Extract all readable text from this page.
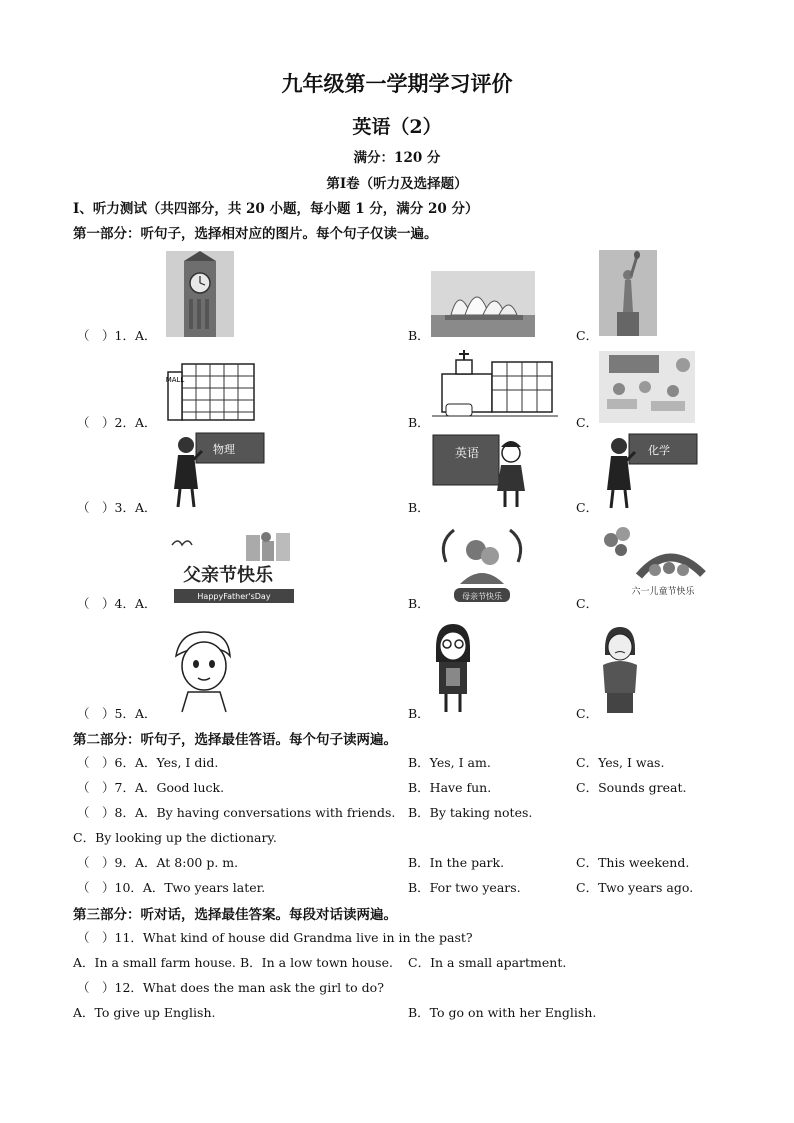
九年级第一学期学习评价
英语（2）
满分：120 分
第Ⅰ卷（听力及选择题）
Ⅰ、听力测试（共四部分，共 20 小题，每小题 1 分，满分 20 分）
第一部分：听句子，选择相对应的图片。每个句子仅读一遍。
（　）1．A．	B．	C．
（　）2．A．	B．	C．
MALL
（　）3．A．	B．	C．
物理	英语	化学
（　）4．A．	B．	C．
父亲节快乐
HappyFather'sDay	母亲节快乐	六一儿童节快乐
（　）5．A．	B．	C．
第二部分：听句子，选择最佳答语。每个句子读两遍。
（　）6．A．Yes, I did.	B．Yes, I am.	C．Yes, I was.
（　）7．A．Good luck.	B．Have fun.	C．Sounds great.
（　）8．A．By having conversations with friends. B．By taking notes.
C．By looking up the dictionary.
（　）9．A．At 8:00 p. m.	B．In the park.	C．This weekend.
（　）10．A．Two years later.	B．For two years.	C．Two years ago.
第三部分：听对话，选择最佳答案。每段对话读两遍。
（　）11．What kind of house did Grandma live in in the past?
A．In a small farm house. B．In a low town house. C．In a small apartment.
（　）12．What does the man ask the girl to do?
A．To give up English.	B．To go on with her English.
